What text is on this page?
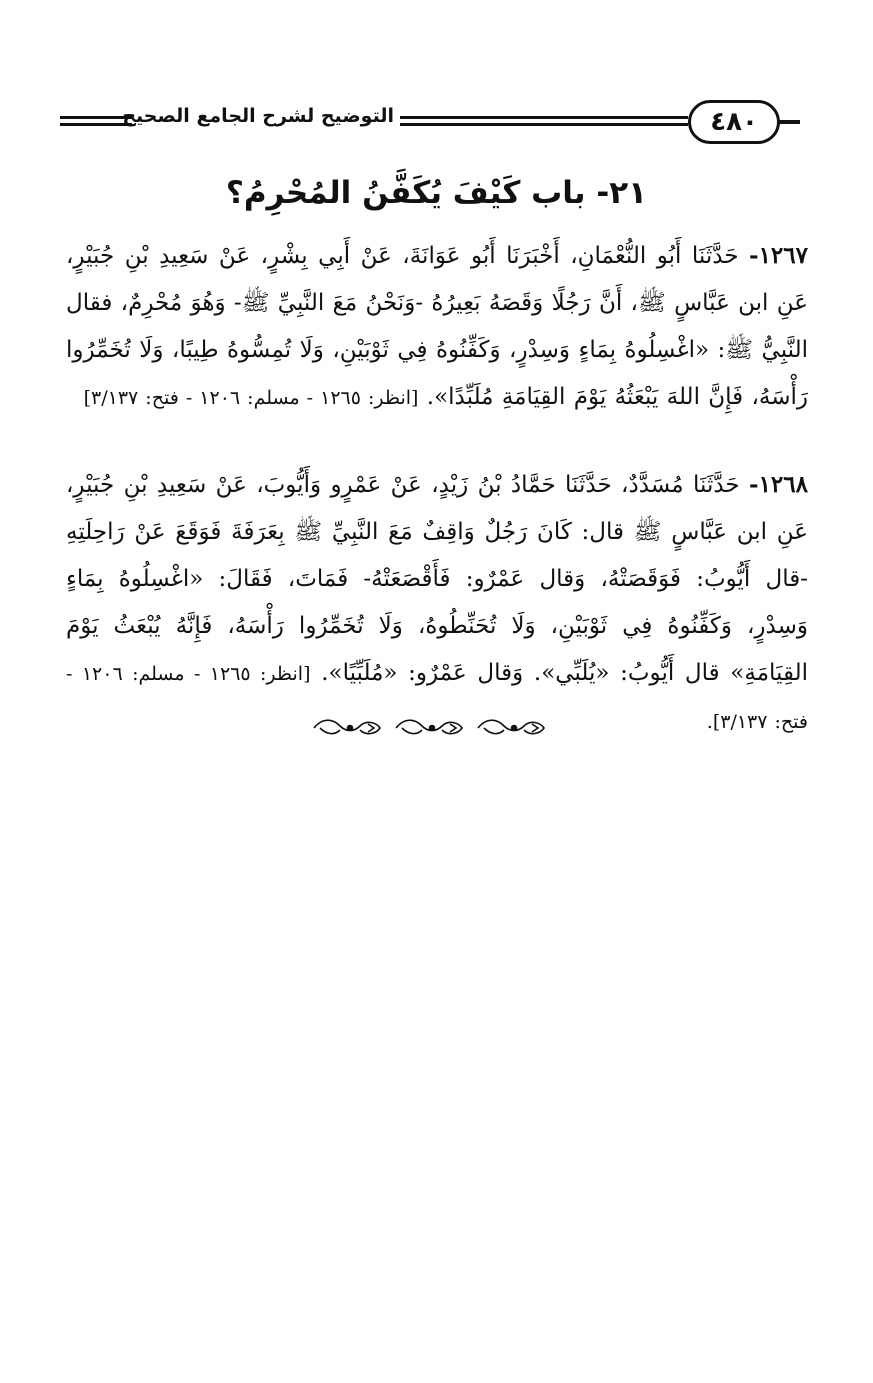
التوضيح لشرح الجامع الصحيح	٤٨٠
٢١- باب كَيْفَ يُكَفَّنُ المُحْرِمُ؟
١٢٦٧- حَدَّثَنَا أَبُو النُّعْمَانِ، أَخْبَرَنَا أَبُو عَوَانَةَ، عَنْ أَبِي بِشْرٍ، عَنْ سَعِيدِ بْنِ جُبَيْرٍ، عَنِ ابن عَبَّاسٍ ﷺ، أَنَّ رَجُلًا وَقَصَهُ بَعِيرُهُ -وَنَحْنُ مَعَ النَّبِيِّ ﷺ- وَهُوَ مُحْرِمٌ، فقال النَّبِيُّ ﷺ: «اغْسِلُوهُ بِمَاءٍ وَسِدْرٍ، وَكَفِّنُوهُ فِي ثَوْبَيْنِ، وَلَا تُمِسُّوهُ طِيبًا، وَلَا تُخَمِّرُوا رَأْسَهُ، فَإِنَّ اللهَ يَبْعَثُهُ يَوْمَ القِيَامَةِ مُلَبِّدًا». [انظر: ١٢٦٥ - مسلم: ١٢٠٦ - فتح: ٣/١٣٧]
١٢٦٨- حَدَّثَنَا مُسَدَّدٌ، حَدَّثَنَا حَمَّادُ بْنُ زَيْدٍ، عَنْ عَمْرٍو وَأَيُّوبَ، عَنْ سَعِيدِ بْنِ جُبَيْرٍ، عَنِ ابن عَبَّاسٍ ﷺ قال: كَانَ رَجُلٌ وَاقِفٌ مَعَ النَّبِيِّ ﷺ بِعَرَفَةَ فَوَقَعَ عَنْ رَاحِلَتِهِ -قال أَيُّوبُ: فَوَقَصَتْهُ، وَقال عَمْرٌو: فَأَقْصَعَتْهُ- فَمَاتَ، فَقَالَ: «اغْسِلُوهُ بِمَاءٍ وَسِدْرٍ، وَكَفِّنُوهُ فِي ثَوْبَيْنِ، وَلَا تُحَنِّطُوهُ، وَلَا تُخَمِّرُوا رَأْسَهُ، فَإِنَّهُ يُبْعَثُ يَوْمَ القِيَامَةِ» قال أَيُّوبُ: «يُلَبِّي». وَقال عَمْرٌو: «مُلَبِّيًا». [انظر: ١٢٦٥ - مسلم: ١٢٠٦ - فتح: ٣/١٣٧].
